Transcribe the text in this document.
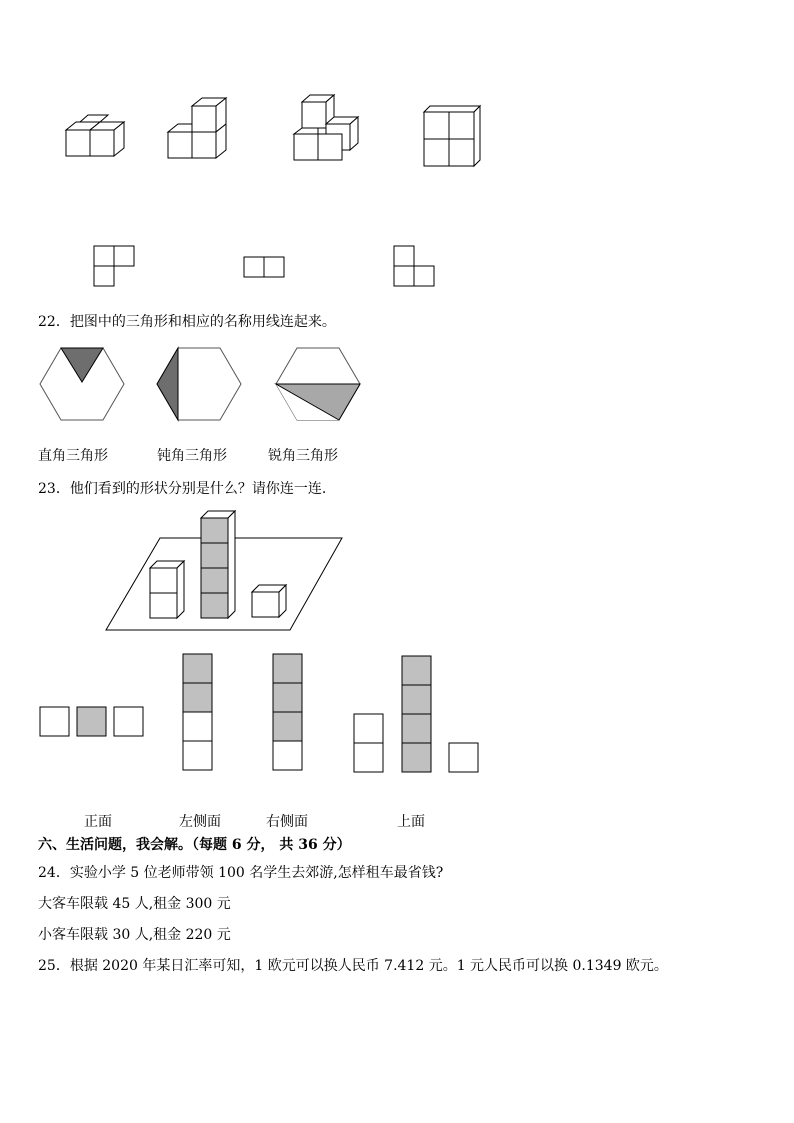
22．把图中的三角形和相应的名称用线连起来。
直角三角形	钝角三角形	锐角三角形
23．他们看到的形状分别是什么？请你连一连.
正面	左侧面	右侧面	上面
六、生活问题，我会解。（每题 6 分， 共 36 分）
24．实验小学 5 位老师带领 100 名学生去郊游,怎样租车最省钱?
大客车限载 45 人,租金 300 元
小客车限载 30 人,租金 220 元
25．根据 2020 年某日汇率可知，1 欧元可以换人民币 7.412 元。1 元人民币可以换 0.1349 欧元。
